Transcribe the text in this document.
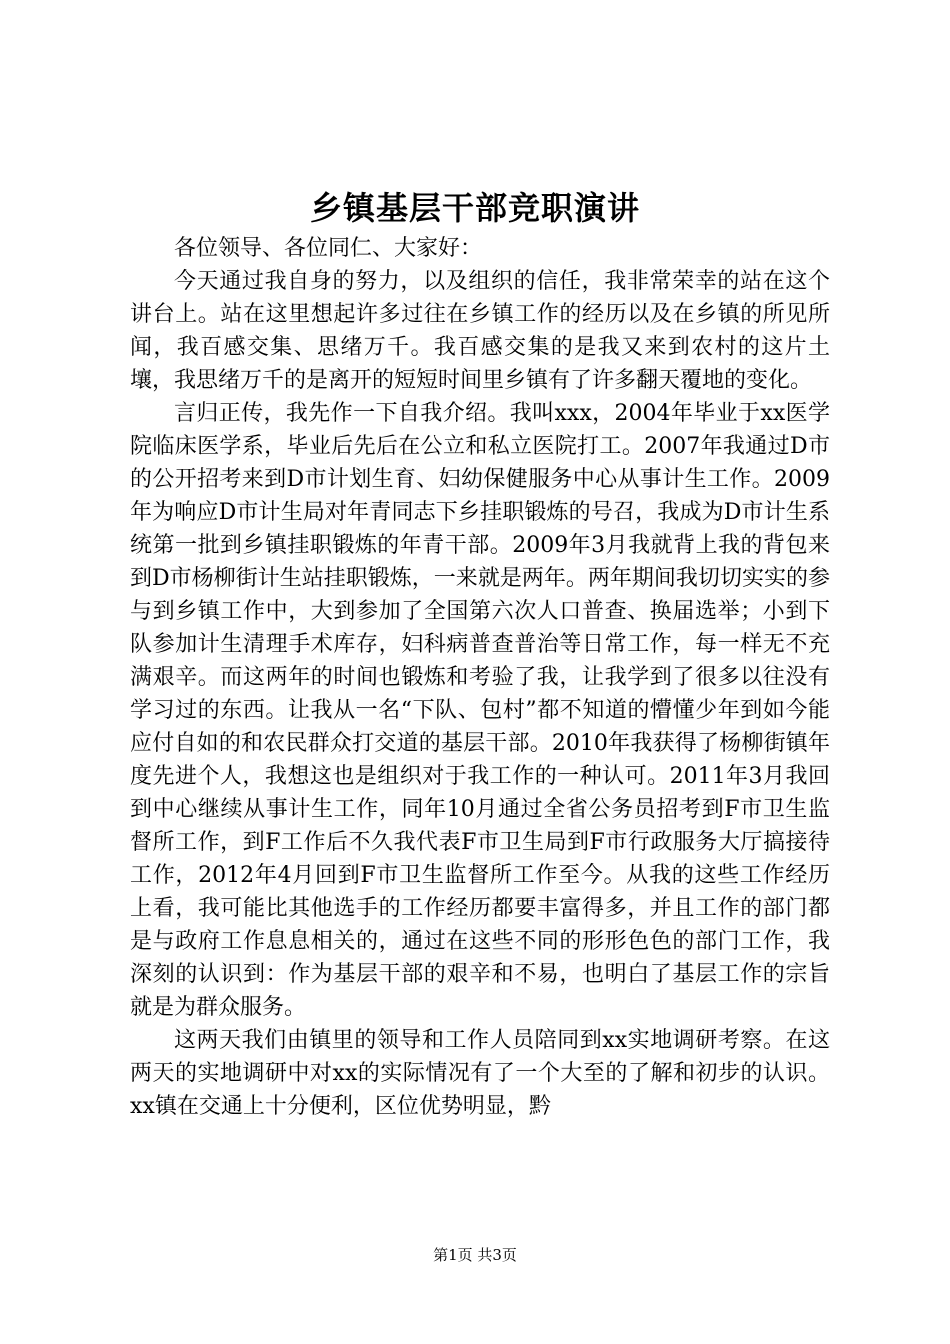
乡镇基层干部竞职演讲

各位领导、各位同仁、大家好：

今天通过我自身的努力，以及组织的信任，我非常荣幸的站在这个讲台上。站在这里想起许多过往在乡镇工作的经历以及在乡镇的所见所闻，我百感交集、思绪万千。我百感交集的是我又来到农村的这片土壤，我思绪万千的是离开的短短时间里乡镇有了许多翻天覆地的变化。

言归正传，我先作一下自我介绍。我叫xxx，2004年毕业于xx医学院临床医学系，毕业后先后在公立和私立医院打工。2007年我通过D市的公开招考来到D市计划生育、妇幼保健服务中心从事计生工作。2009年为响应D市计生局对年青同志下乡挂职锻炼的号召，我成为D市计生系统第一批到乡镇挂职锻炼的年青干部。2009年3月我就背上我的背包来到D市杨柳街计生站挂职锻炼，一来就是两年。两年期间我切切实实的参与到乡镇工作中，大到参加了全国第六次人口普查、换届选举；小到下队参加计生清理手术库存，妇科病普查普治等日常工作，每一样无不充满艰辛。而这两年的时间也锻炼和考验了我，让我学到了很多以往没有学习过的东西。让我从一名“下队、包村”都不知道的懵懂少年到如今能应付自如的和农民群众打交道的基层干部。2010年我获得了杨柳街镇年度先进个人，我想这也是组织对于我工作的一种认可。2011年3月我回到中心继续从事计生工作，同年10月通过全省公务员招考到F市卫生监督所工作，到F工作后不久我代表F市卫生局到F市行政服务大厅搞接待工作，2012年4月回到F市卫生监督所工作至今。从我的这些工作经历上看，我可能比其他选手的工作经历都要丰富得多，并且工作的部门都是与政府工作息息相关的，通过在这些不同的形形色色的部门工作，我深刻的认识到：作为基层干部的艰辛和不易，也明白了基层工作的宗旨就是为群众服务。

这两天我们由镇里的领导和工作人员陪同到xx实地调研考察。在这两天的实地调研中对xx的实际情况有了一个大至的了解和初步的认识。xx镇在交通上十分便利，区位优势明显，黔

第1页 共3页
